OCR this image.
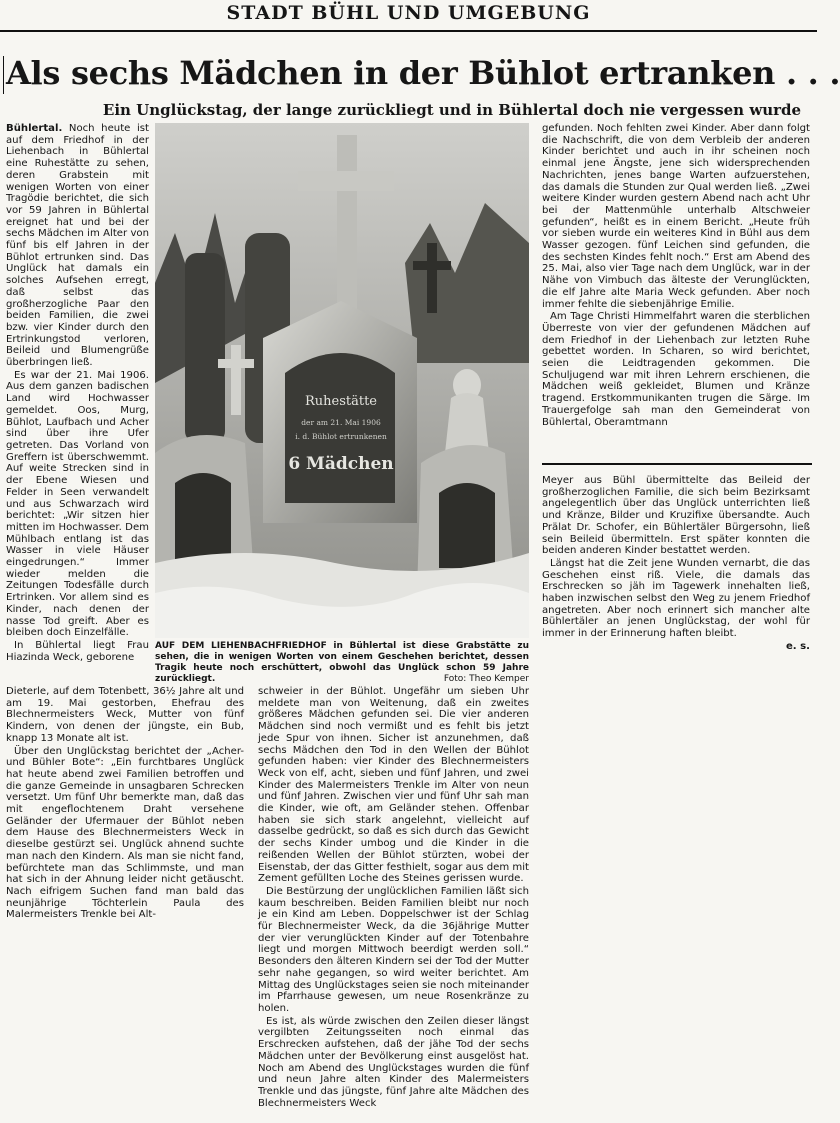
STADT BÜHL UND UMGEBUNG
Als sechs Mädchen in der Bühlot ertranken . . .
Ein Unglückstag, der lange zurückliegt und in Bühlertal doch nie vergessen wurde

Bühlertal. Noch heute ist auf dem Friedhof in der Liehenbach in Bühlertal eine Ruhestätte zu sehen, deren Grabstein mit wenigen Worten von einer Tragödie berichtet, die sich vor 59 Jahren in Bühlertal ereignet hat und bei der sechs Mädchen im Alter von fünf bis elf Jahren in der Bühlot ertrunken sind. Das Unglück hat damals ein solches Aufsehen erregt, daß selbst das großherzogliche Paar den beiden Familien, die zwei bzw. vier Kinder durch den Ertrinkungstod verloren, Beileid und Blumengrüße überbringen ließ.

Es war der 21. Mai 1906. Aus dem ganzen badischen Land wird Hochwasser gemeldet. Oos, Murg, Bühlot, Laufbach und Acher sind über ihre Ufer getreten. Das Vorland von Greffern ist überschwemmt. Auf weite Strecken sind in der Ebene Wiesen und Felder in Seen verwandelt und aus Schwarzach wird berichtet: „Wir sitzen hier mitten im Hochwasser. Dem Mühlbach entlang ist das Wasser in viele Häuser eingedrungen.“ Immer wieder melden die Zeitungen Todesfälle durch Ertrinken. Vor allem sind es Kinder, nach denen der nasse Tod greift. Aber es bleiben doch Einzelfälle.

In Bühlertal liegt Frau Hiazinda Weck, geborene

Ruhestätte
der am 21. Mai 1906
i. d. Bühlot ertrunkenen
6 Mädchen
AUF DEM LIEHENBACHFRIEDHOF in Bühlertal ist diese Grabstätte zu sehen, die in wenigen Worten von einem Geschehen berichtet, dessen Tragik heute noch erschüttert, obwohl das Unglück schon 59 Jahre zurückliegt.	Foto: Theo Kemper

gefunden. Noch fehlten zwei Kinder. Aber dann folgt die Nachschrift, die von dem Verbleib der anderen Kinder berichtet und auch in ihr scheinen noch einmal jene Ängste, jene sich widersprechenden Nachrichten, jenes bange Warten aufzuerstehen, das damals die Stunden zur Qual werden ließ. „Zwei weitere Kinder wurden gestern Abend nach acht Uhr bei der Mattenmühle unterhalb Altschweier gefunden“, heißt es in einem Bericht. „Heute früh vor sieben wurde ein weiteres Kind in Bühl aus dem Wasser gezogen. fünf Leichen sind gefunden, die des sechsten Kindes fehlt noch.“ Erst am Abend des 25. Mai, also vier Tage nach dem Unglück, war in der Nähe von Vimbuch das älteste der Verunglückten, die elf Jahre alte Maria Weck gefunden. Aber noch immer fehlte die siebenjährige Emilie.

Am Tage Christi Himmelfahrt waren die sterblichen Überreste von vier der gefundenen Mädchen auf dem Friedhof in der Liehenbach zur letzten Ruhe gebettet worden. In Scharen, so wird berichtet, seien die Leidtragenden gekommen. Die Schuljugend war mit ihren Lehrern erschienen, die Mädchen weiß gekleidet, Blumen und Kränze tragend. Erstkommunikanten trugen die Särge. Im Trauergefolge sah man den Gemeinderat von Bühlertal, Oberamtmann

Meyer aus Bühl übermittelte das Beileid der großherzoglichen Familie, die sich beim Bezirksamt angelegentlich über das Unglück unterrichten ließ und Kränze, Bilder und Kruzifixe übersandte. Auch Prälat Dr. Schofer, ein Bühlertäler Bürgersohn, ließ sein Beileid übermitteln. Erst später konnten die beiden anderen Kinder bestattet werden.

Längst hat die Zeit jene Wunden vernarbt, die das Geschehen einst riß. Viele, die damals das Erschrecken so jäh im Tagewerk innehalten ließ, haben inzwischen selbst den Weg zu jenem Friedhof angetreten. Aber noch erinnert sich mancher alte Bühlertäler an jenen Unglückstag, der wohl für immer in der Erinnerung haften bleibt.

e. s.

Dieterle, auf dem Totenbett, 36½ Jahre alt und am 19. Mai gestorben, Ehefrau des Blechnermeisters Weck, Mutter von fünf Kindern, von denen der jüngste, ein Bub, knapp 13 Monate alt ist.

Über den Unglückstag berichtet der „Acher- und Bühler Bote“: „Ein furchtbares Unglück hat heute abend zwei Familien betroffen und die ganze Gemeinde in unsagbaren Schrecken versetzt. Um fünf Uhr bemerkte man, daß das mit engeflochtenem Draht versehene Geländer der Ufermauer der Bühlot neben dem Hause des Blechnermeisters Weck in dieselbe gestürzt sei. Unglück ahnend suchte man nach den Kindern. Als man sie nicht fand, befürchtete man das Schlimmste, und man hat sich in der Ahnung leider nicht getäuscht. Nach eifrigem Suchen fand man bald das neunjährige Töchterlein Paula des Malermeisters Trenkle bei Alt-

schweier in der Bühlot. Ungefähr um sieben Uhr meldete man von Weitenung, daß ein zweites größeres Mädchen gefunden sei. Die vier anderen Mädchen sind noch vermißt und es fehlt bis jetzt jede Spur von ihnen. Sicher ist anzunehmen, daß sechs Mädchen den Tod in den Wellen der Bühlot gefunden haben: vier Kinder des Blechnermeisters Weck von elf, acht, sieben und fünf Jahren, und zwei Kinder des Malermeisters Trenkle im Alter von neun und fünf Jahren. Zwischen vier und fünf Uhr sah man die Kinder, wie oft, am Geländer stehen. Offenbar haben sie sich stark angelehnt, vielleicht auf dasselbe gedrückt, so daß es sich durch das Gewicht der sechs Kinder umbog und die Kinder in die reißenden Wellen der Bühlot stürzten, wobei der Eisenstab, der das Gitter festhielt, sogar aus dem mit Zement gefüllten Loche des Steines gerissen wurde.

Die Bestürzung der unglücklichen Familien läßt sich kaum beschreiben. Beiden Familien bleibt nur noch je ein Kind am Leben. Doppelschwer ist der Schlag für Blechnermeister Weck, da die 36jährige Mutter der vier verunglückten Kinder auf der Totenbahre liegt und morgen Mittwoch beerdigt werden soll.“ Besonders den älteren Kindern sei der Tod der Mutter sehr nahe gegangen, so wird weiter berichtet. Am Mittag des Unglückstages seien sie noch miteinander im Pfarrhause gewesen, um neue Rosenkränze zu holen.

Es ist, als würde zwischen den Zeilen dieser längst vergilbten Zeitungsseiten noch einmal das Erschrecken aufstehen, daß der jähe Tod der sechs Mädchen unter der Bevölkerung einst ausgelöst hat. Noch am Abend des Unglückstages wurden die fünf und neun Jahre alten Kinder des Malermeisters Trenkle und das jüngste, fünf Jahre alte Mädchen des Blechnermeisters Weck
